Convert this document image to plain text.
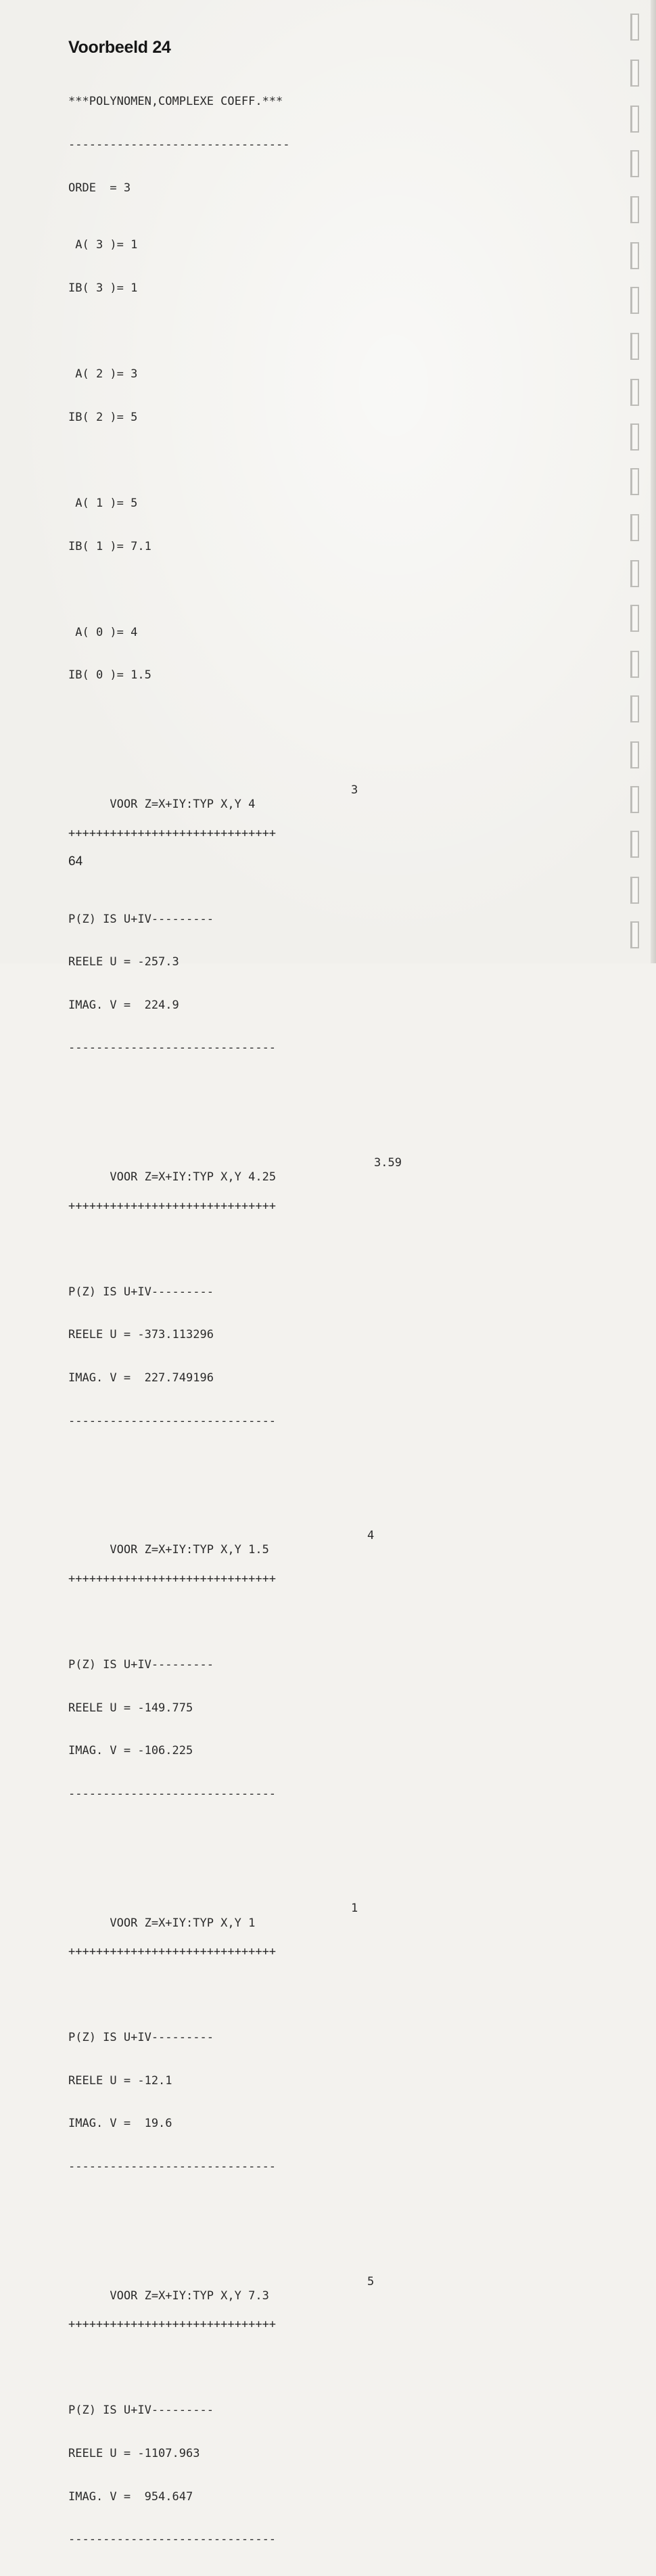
Voorbeeld 24

***POLYNOMEN,COMPLEXE COEFF.***

--------------------------------

ORDE  = 3

A( 3 )= 1

IB( 3 )= 1

A( 2 )= 3

IB( 2 )= 5

A( 1 )= 5

IB( 1 )= 7.1

A( 0 )= 4

IB( 0 )= 1.5

VOOR Z=X+IY:TYP X,Y 4
3

++++++++++++++++++++++++++++++

P(Z) IS U+IV---------

REELE U = -257.3

IMAG. V =  224.9

------------------------------

VOOR Z=X+IY:TYP X,Y 4.25
3.59

++++++++++++++++++++++++++++++

P(Z) IS U+IV---------

REELE U = -373.113296

IMAG. V =  227.749196

------------------------------

VOOR Z=X+IY:TYP X,Y 1.5
4

++++++++++++++++++++++++++++++

P(Z) IS U+IV---------

REELE U = -149.775

IMAG. V = -106.225

------------------------------

VOOR Z=X+IY:TYP X,Y 1
1

++++++++++++++++++++++++++++++

P(Z) IS U+IV---------

REELE U = -12.1

IMAG. V =  19.6

------------------------------

VOOR Z=X+IY:TYP X,Y 7.3
5

++++++++++++++++++++++++++++++

P(Z) IS U+IV---------

REELE U = -1107.963

IMAG. V =  954.647

------------------------------

64
